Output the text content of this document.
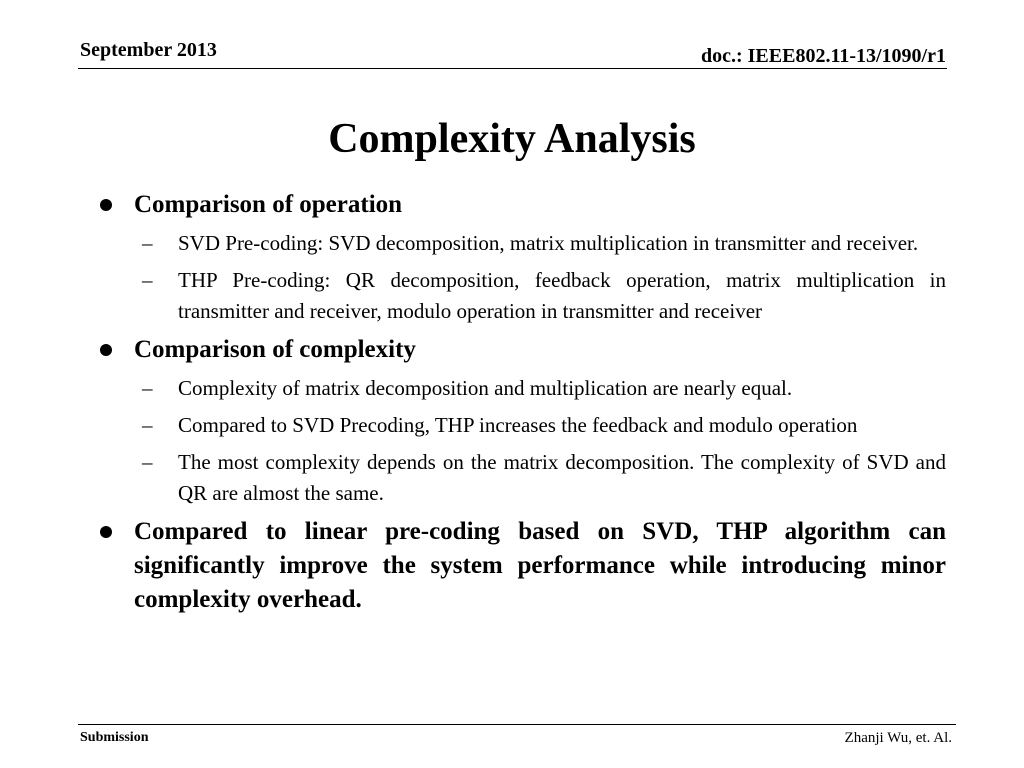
September 2013	doc.: IEEE802.11-13/1090/r1
Complexity Analysis
Comparison of operation
– SVD Pre-coding: SVD decomposition, matrix multiplication in transmitter and receiver.
– THP Pre-coding: QR decomposition, feedback operation, matrix multiplication in transmitter and receiver, modulo operation in transmitter and receiver
Comparison of complexity
– Complexity of matrix decomposition and multiplication are nearly equal.
– Compared to SVD Precoding, THP increases the feedback and modulo operation
– The most complexity depends on the matrix decomposition. The complexity of SVD and QR are almost the same.
Compared to linear pre-coding based on SVD, THP algorithm can significantly improve the system performance while introducing minor complexity overhead.
Submission	Zhanji Wu, et. Al.
